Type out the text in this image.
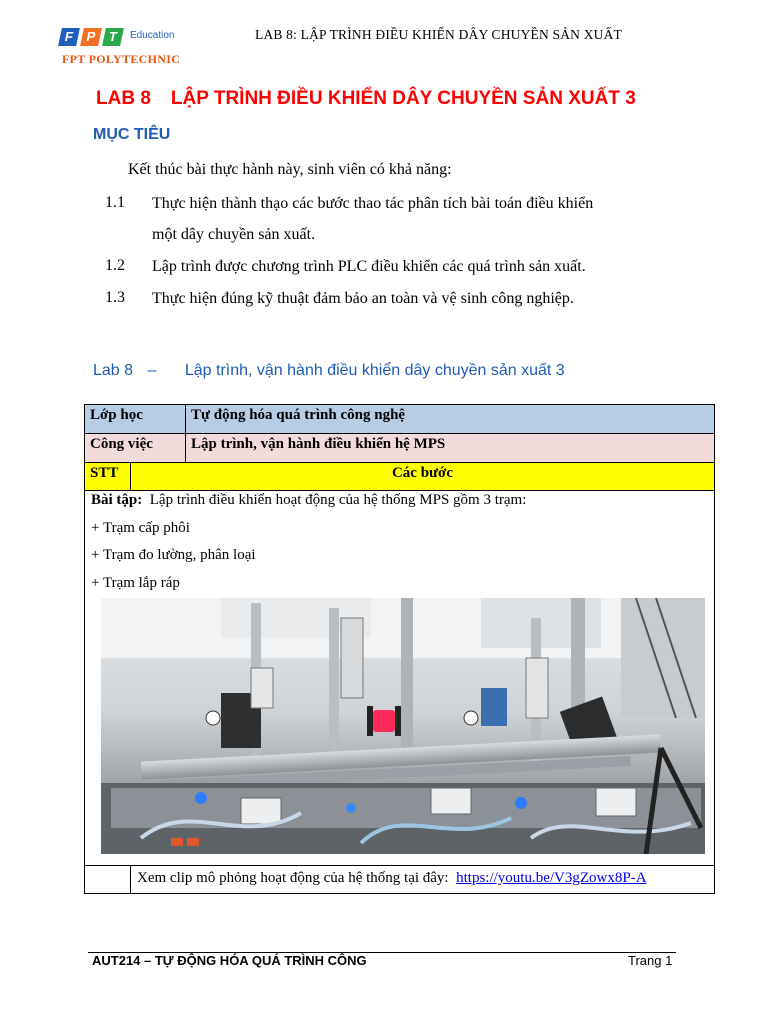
F P T	Education
FPT POLYTECHNIC
LAB 8: LẬP TRÌNH ĐIỀU KHIỂN DÂY CHUYỀN SẢN XUẤT
LAB 8 LẬP TRÌNH ĐIỀU KHIỂN DÂY CHUYỀN SẢN XUẤT 3
MỤC TIÊU
Kết thúc bài thực hành này, sinh viên có khả năng:
1.1 Thực hiện thành thạo các bước thao tác phân tích bài toán điều khiển
một dây chuyền sản xuất.
1.2 Lập trình được chương trình PLC điều khiển các quá trình sản xuất.
1.3 Thực hiện đúng kỹ thuật đảm bảo an toàn và vệ sinh công nghiệp.
Lab 8 – Lập trình, vận hành điều khiển dây chuyền sản xuất 3
Lớp học	Tự động hóa quá trình công nghệ
Công việc	Lập trình, vận hành điều khiển hệ MPS
STT	Các bước
Bài tập: Lập trình điều khiển hoạt động của hệ thống MPS gồm 3 trạm:
+ Trạm cấp phôi
+ Trạm đo lường, phân loại
+ Trạm lắp ráp
Xem clip mô phỏng hoạt động của hệ thống tại đây: https://youtu.be/V3gZowx8P-A
AUT214 – TỰ ĐỘNG HÓA QUÁ TRÌNH CÔNG	Trang 1
